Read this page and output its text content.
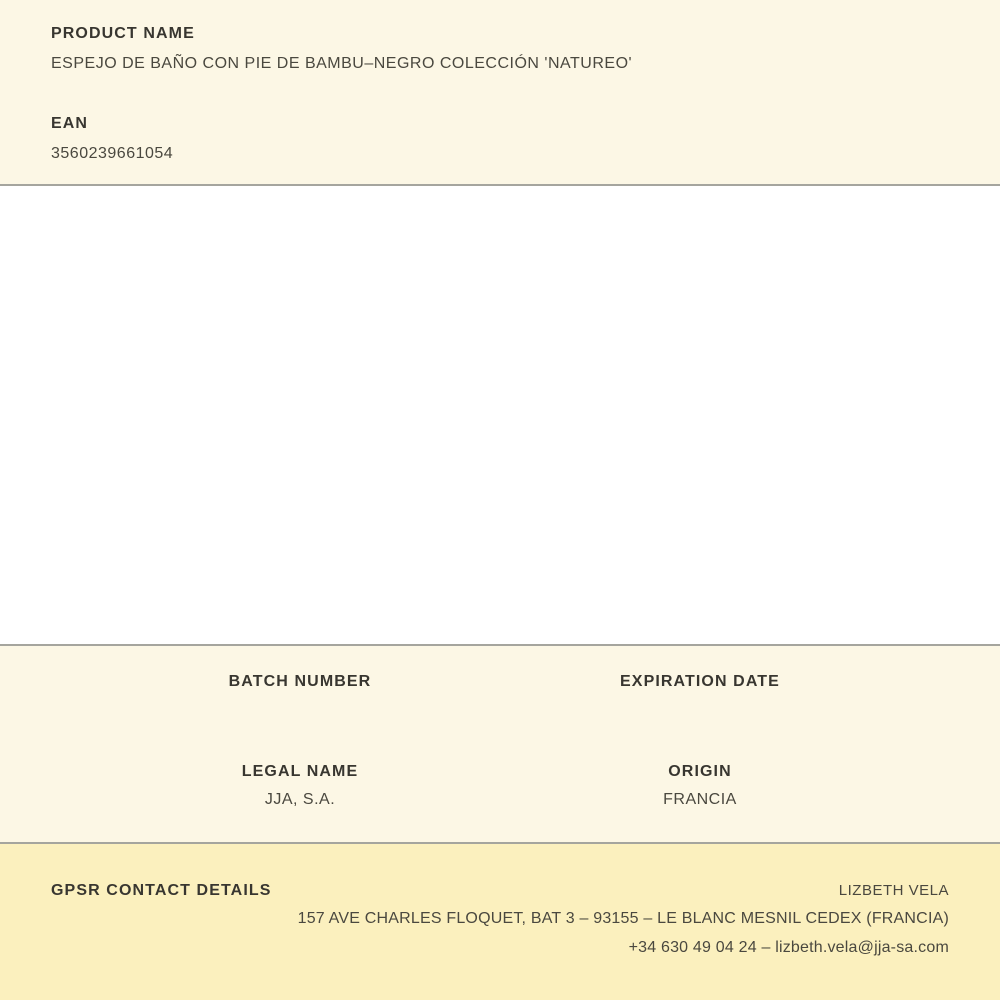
PRODUCT NAME
ESPEJO DE BAÑO CON PIE DE BAMBU–NEGRO COLECCIÓN 'NATUREO'
EAN
3560239661054
BATCH NUMBER	EXPIRATION DATE
LEGAL NAME
JJA, S.A.
ORIGIN
FRANCIA
GPSR CONTACT DETAILS	LIZBETH VELA
157 AVE CHARLES FLOQUET, BAT 3 – 93155 – LE BLANC MESNIL CEDEX (FRANCIA)
+34 630 49 04 24 – lizbeth.vela@jja-sa.com
